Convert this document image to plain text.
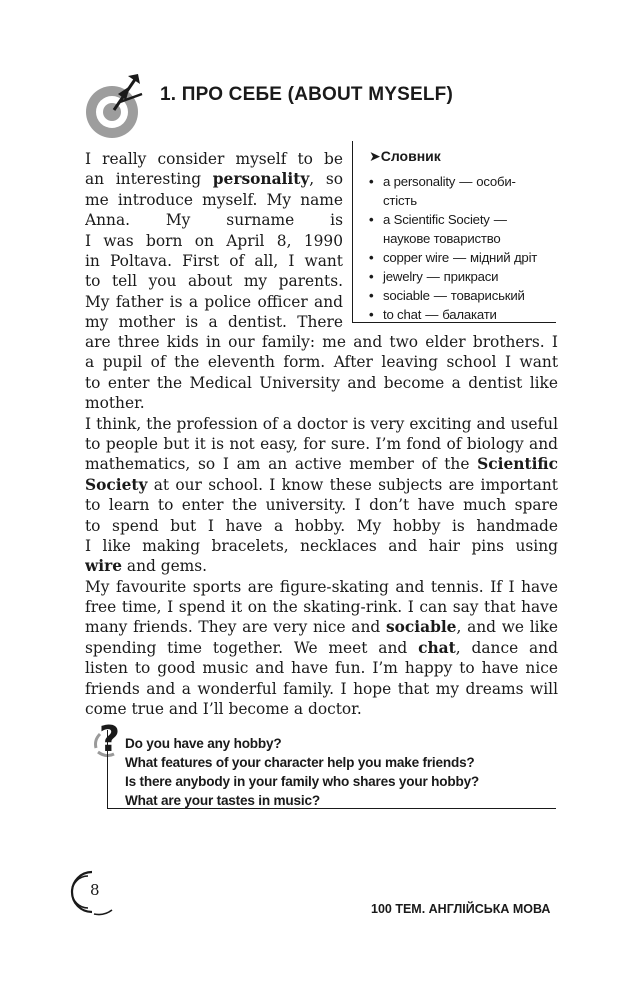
1. ПРО СЕБЕ (ABOUT MYSELF)
I really consider myself to be
an interesting personality, so
me introduce myself. My name
Anna. My surname is
I was born on April 8, 1990
in Poltava. First of all, I want
to tell you about my parents.
My father is a police officer and
my mother is a dentist. There
are three kids in our family: me and two elder brothers. I
a pupil of the eleventh form. After leaving school I want
to enter the Medical University and become a dentist like
mother.
I think, the profession of a doctor is very exciting and useful
to people but it is not easy, for sure. I’m fond of biology and
mathematics, so I am an active member of the Scientific
Society at our school. I know these subjects are important
to learn to enter the university. I don’t have much spare
to spend but I have a hobby. My hobby is handmade
I like making bracelets, necklaces and hair pins using
wire and gems.
My favourite sports are figure-skating and tennis. If I have
free time, I spend it on the skating-rink. I can say that have
many friends. They are very nice and sociable, and we like
spending time together. We meet and chat, dance and
listen to good music and have fun. I’m happy to have nice
friends and a wonderful family. I hope that my dreams will
come true and I’ll become a doctor.
➤Словник
• a personality — особи-
стість
• a Scientific Society —
наукове товариство
• copper wire — мідний дріт
• jewelry — прикраси
• sociable — товариський
• to chat — балакати
? Do you have any hobby?
What features of your character help you make friends?
Is there anybody in your family who shares your hobby?
What are your tastes in music?
8
100 ТЕМ. АНГЛІЙСЬКА МОВА
